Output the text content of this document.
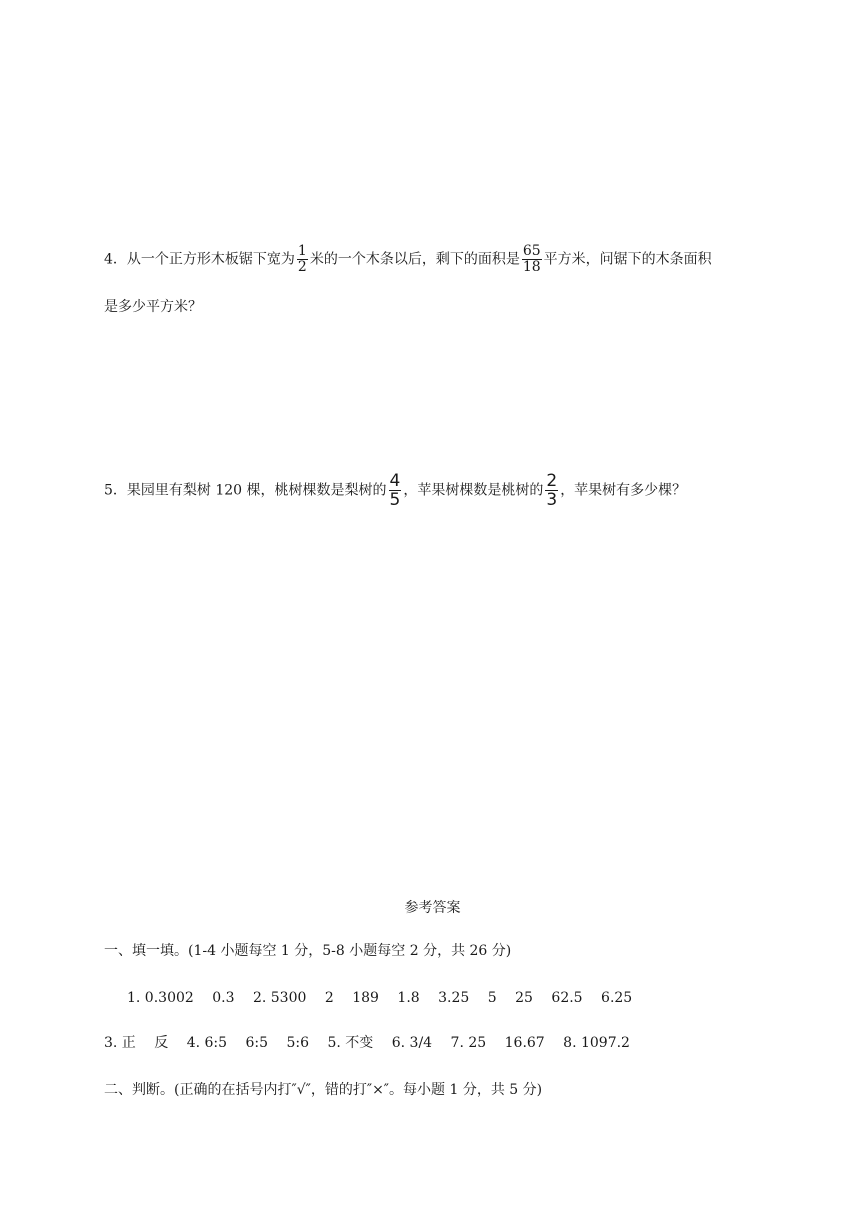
4．从一个正方形木板锯下宽为 $\frac{1}{2}$ 米的一个木条以后，剩下的面积是 $\frac{65}{18}$ 平方米，问锯下的木条面积
是多少平方米？
5．果园里有梨树 120 棵，桃树棵数是梨树的 $\frac{4}{5}$ ，苹果树棵数是桃树的 $\frac{2}{3}$ ，苹果树有多少棵？
参考答案
一、填一填。(1-4 小题每空 1 分，5-8 小题每空 2 分，共 26 分)
1. 0.3002 0.3 2. 5300 2 189 1.8 3.25 5 25 62.5 6.25
3. 正 反 4. 6:5 6:5 5:6 5. 不变 6. 3/4 7. 25 16.67 8. 1097.2
二、判断。(正确的在括号内打″√″，错的打″×″。每小题 1 分，共 5 分)
